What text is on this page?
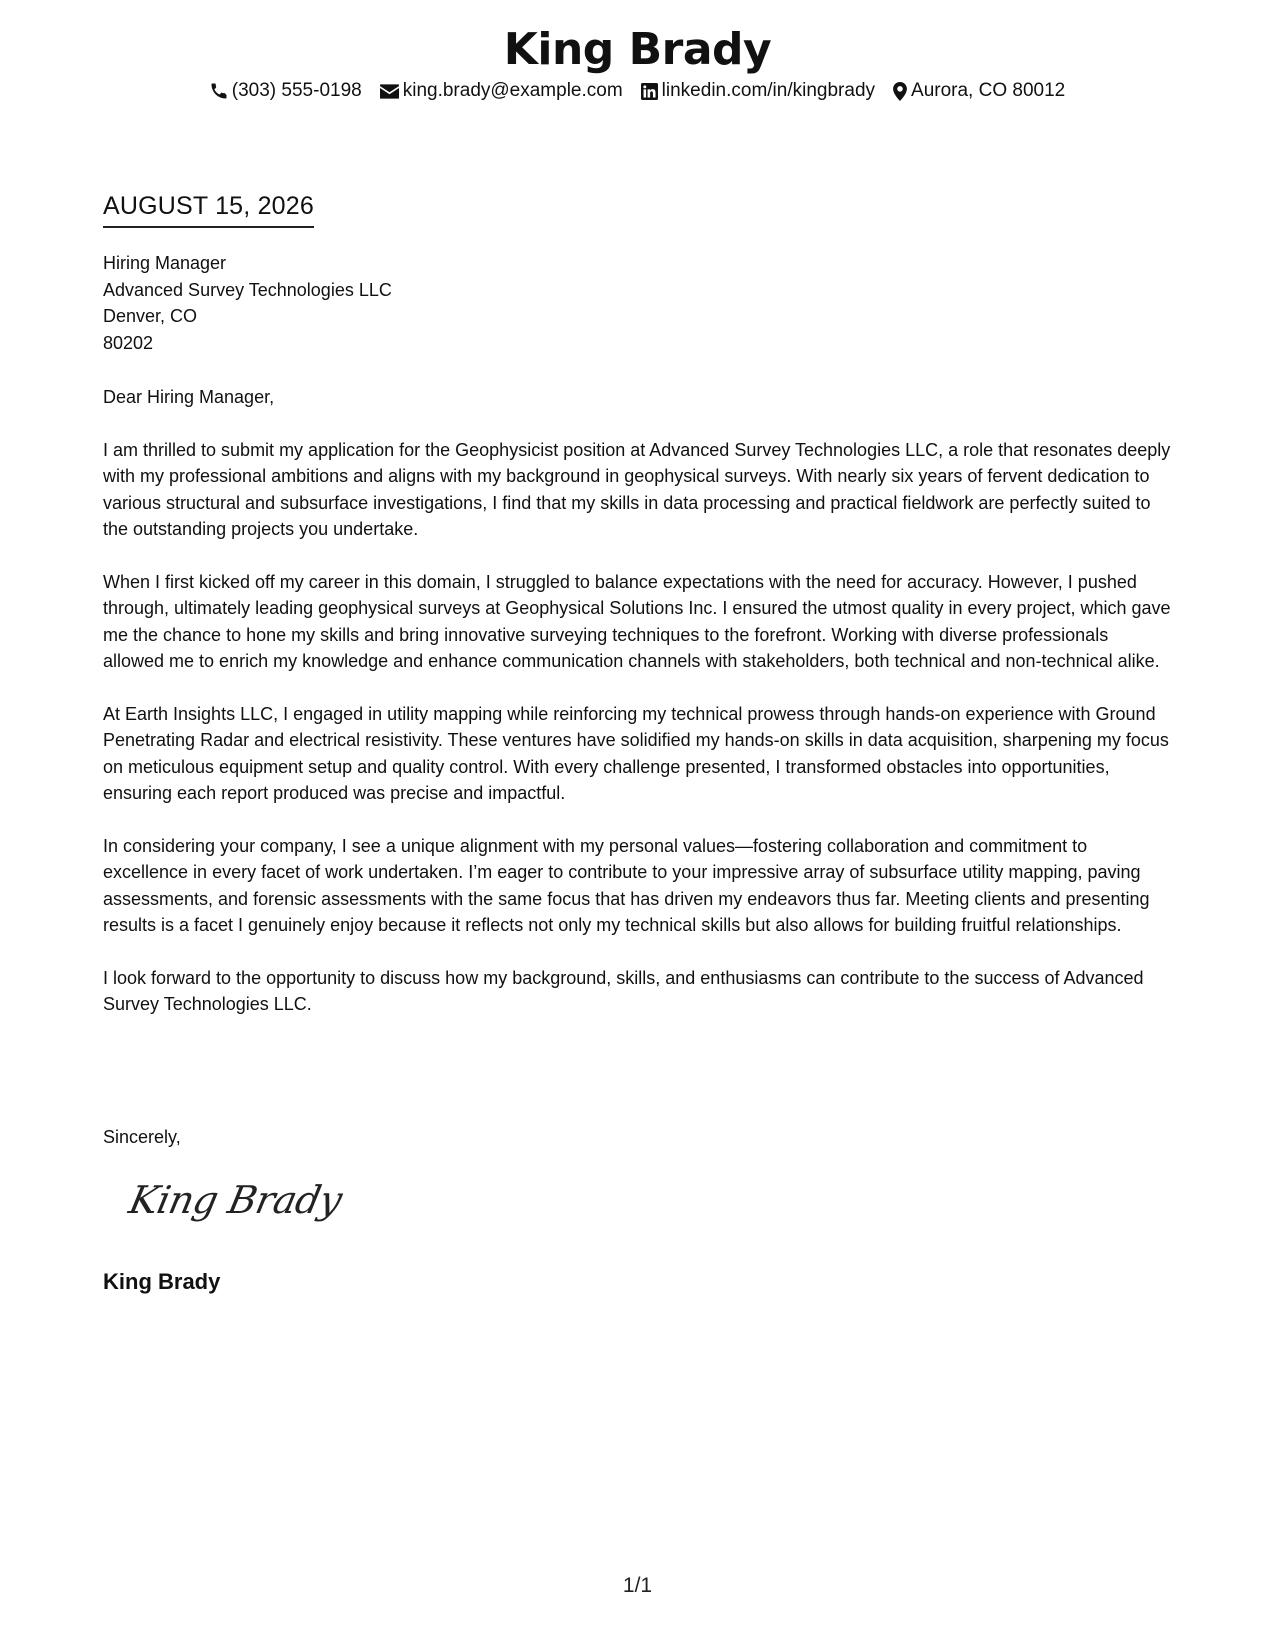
King Brady
(303) 555-0198 king.brady@example.com linkedin.com/in/kingbrady Aurora, CO 80012
AUGUST 15, 2026
Hiring Manager
Advanced Survey Technologies LLC
Denver, CO
80202
Dear Hiring Manager,

I am thrilled to submit my application for the Geophysicist position at Advanced Survey Technologies LLC, a role that resonates deeply with my professional ambitions and aligns with my background in geophysical surveys. With nearly six years of fervent dedication to various structural and subsurface investigations, I find that my skills in data processing and practical fieldwork are perfectly suited to the outstanding projects you undertake.

When I first kicked off my career in this domain, I struggled to balance expectations with the need for accuracy. However, I pushed through, ultimately leading geophysical surveys at Geophysical Solutions Inc. I ensured the utmost quality in every project, which gave me the chance to hone my skills and bring innovative surveying techniques to the forefront. Working with diverse professionals allowed me to enrich my knowledge and enhance communication channels with stakeholders, both technical and non-technical alike.

At Earth Insights LLC, I engaged in utility mapping while reinforcing my technical prowess through hands-on experience with Ground Penetrating Radar and electrical resistivity. These ventures have solidified my hands-on skills in data acquisition, sharpening my focus on meticulous equipment setup and quality control. With every challenge presented, I transformed obstacles into opportunities, ensuring each report produced was precise and impactful.

In considering your company, I see a unique alignment with my personal values—fostering collaboration and commitment to excellence in every facet of work undertaken. I’m eager to contribute to your impressive array of subsurface utility mapping, paving assessments, and forensic assessments with the same focus that has driven my endeavors thus far. Meeting clients and presenting results is a facet I genuinely enjoy because it reflects not only my technical skills but also allows for building fruitful relationships.

I look forward to the opportunity to discuss how my background, skills, and enthusiasms can contribute to the success of Advanced Survey Technologies LLC.

Sincerely,
King Brady
King Brady
1/1
